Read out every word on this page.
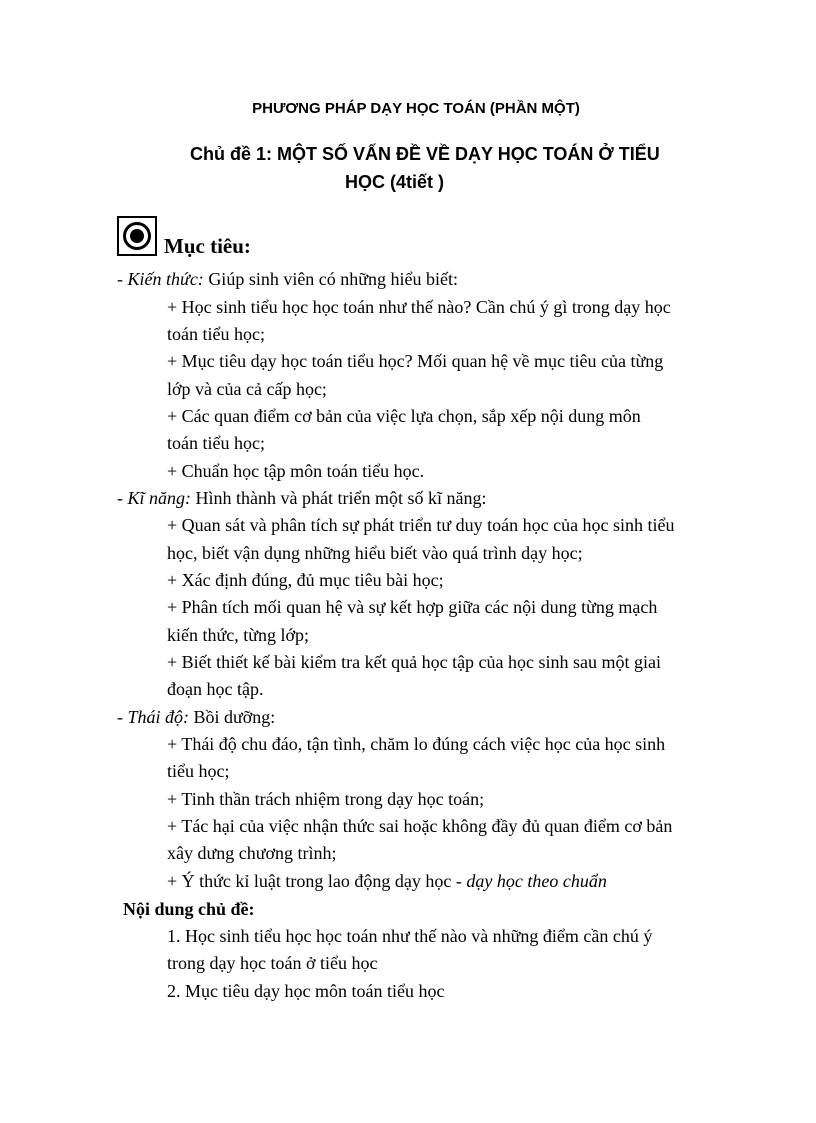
PHƯƠNG PHÁP DẠY HỌC TOÁN (PHẦN MỘT)
Chủ đề 1: MỘT SỐ VẤN ĐỀ VỀ DẠY HỌC TOÁN Ở TIỂU
HỌC (4tiết )
Mục tiêu:
- Kiến thức: Giúp sinh viên có những hiểu biết:
+ Học sinh tiểu học học toán như thế nào? Cần chú ý gì trong dạy học
toán tiểu học;
+ Mục tiêu dạy học toán tiểu học? Mối quan hệ về mục tiêu của từng
lớp và của cả cấp học;
+ Các quan điểm cơ bản của việc lựa chọn, sắp xếp nội dung môn
toán tiểu học;
+ Chuẩn học tập môn toán tiểu học.
- Kĩ năng: Hình thành và phát triển một số kĩ năng:
+ Quan sát và phân tích sự phát triển tư duy toán học của học sinh tiểu
học, biết vận dụng những hiểu biết vào quá trình dạy học;
+ Xác định đúng, đủ mục tiêu bài học;
+ Phân tích mối quan hệ và sự kết hợp giữa các nội dung từng mạch
kiến thức, từng lớp;
+ Biết thiết kế bài kiểm tra kết quả học tập của học sinh sau một giai
đoạn học tập.
- Thái độ: Bồi dưỡng:
+ Thái độ chu đáo, tận tình, chăm lo đúng cách việc học của học sinh
tiểu học;
+ Tinh thần trách nhiệm trong dạy học toán;
+ Tác hại của việc nhận thức sai hoặc không đầy đủ quan điểm cơ bản
xây dưng chương trình;
+ Ý thức kỉ luật trong lao động dạy học - dạy học theo chuẩn
Nội dung chủ đề:
1. Học sinh tiểu học học toán như thế nào và những điểm cần chú ý
trong dạy học toán ở tiểu học
2. Mục tiêu dạy học môn toán tiểu học
